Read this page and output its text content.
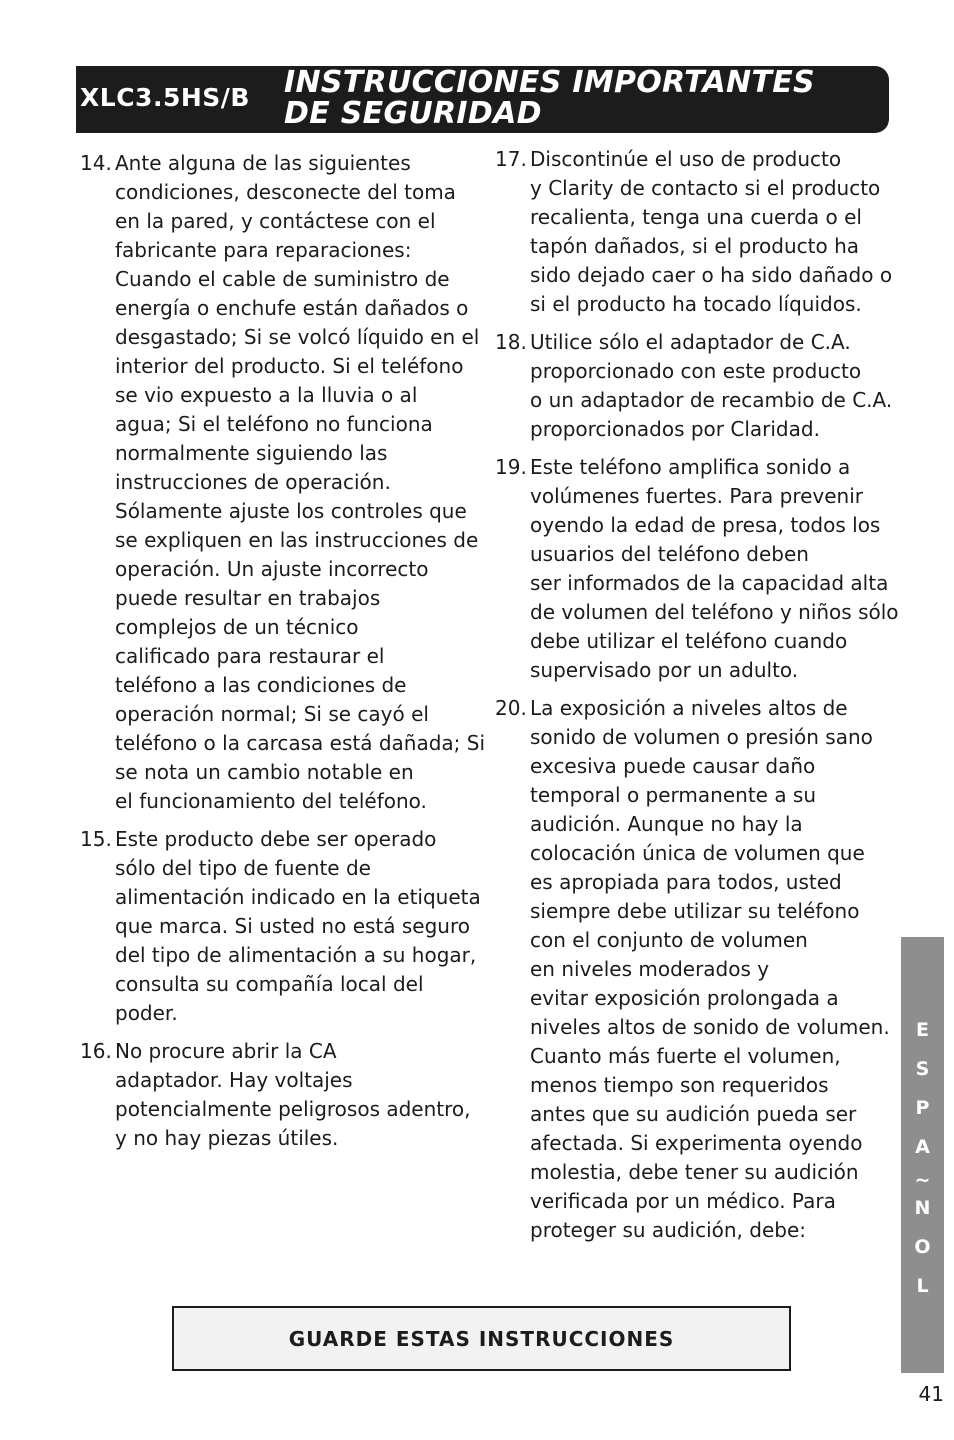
XLC3.5HS/B INSTRUCCIONES IMPORTANTES
DE SEGURIDAD
14. Ante alguna de las siguientes
condiciones, desconecte del toma
en la pared, y contáctese con el
fabricante para reparaciones:
Cuando el cable de suministro de
energía o enchufe están dañados o
desgastado; Si se volcó líquido en el
interior del producto. Si el teléfono
se vio expuesto a la lluvia o al
agua; Si el teléfono no funciona
normalmente siguiendo las
instrucciones de operación.
Sólamente ajuste los controles que
se expliquen en las instrucciones de
operación. Un ajuste incorrecto
puede resultar en trabajos
complejos de un técnico
calificado para restaurar el
teléfono a las condiciones de
operación normal; Si se cayó el
teléfono o la carcasa está dañada; Si
se nota un cambio notable en
el funcionamiento del teléfono.
15. Este producto debe ser operado
sólo del tipo de fuente de
alimentación indicado en la etiqueta
que marca. Si usted no está seguro
del tipo de alimentación a su hogar,
consulta su compañía local del
poder.
16. No procure abrir la CA
adaptador. Hay voltajes
potencialmente peligrosos adentro,
y no hay piezas útiles.
17. Discontinúe el uso de producto
y Clarity de contacto si el producto
recalienta, tenga una cuerda o el
tapón dañados, si el producto ha
sido dejado caer o ha sido dañado o
si el producto ha tocado líquidos.
18. Utilice sólo el adaptador de C.A.
proporcionado con este producto
o un adaptador de recambio de C.A.
proporcionados por Claridad.
19. Este teléfono amplifica sonido a
volúmenes fuertes. Para prevenir
oyendo la edad de presa, todos los
usuarios del teléfono deben
ser informados de la capacidad alta
de volumen del teléfono y niños sólo
debe utilizar el teléfono cuando
supervisado por un adulto.
20. La exposición a niveles altos de
sonido de volumen o presión sano
excesiva puede causar daño
temporal o permanente a su
audición. Aunque no hay la
colocación única de volumen que
es apropiada para todos, usted
siempre debe utilizar su teléfono
con el conjunto de volumen
en niveles moderados y
evitar exposición prolongada a
niveles altos de sonido de volumen.
Cuanto más fuerte el volumen,
menos tiempo son requeridos
antes que su audición pueda ser
afectada. Si experimenta oyendo
molestia, debe tener su audición
verificada por un médico. Para
proteger su audición, debe:
GUARDE ESTAS INSTRUCCIONES
E
S
P
A
~
N
O
L
41
